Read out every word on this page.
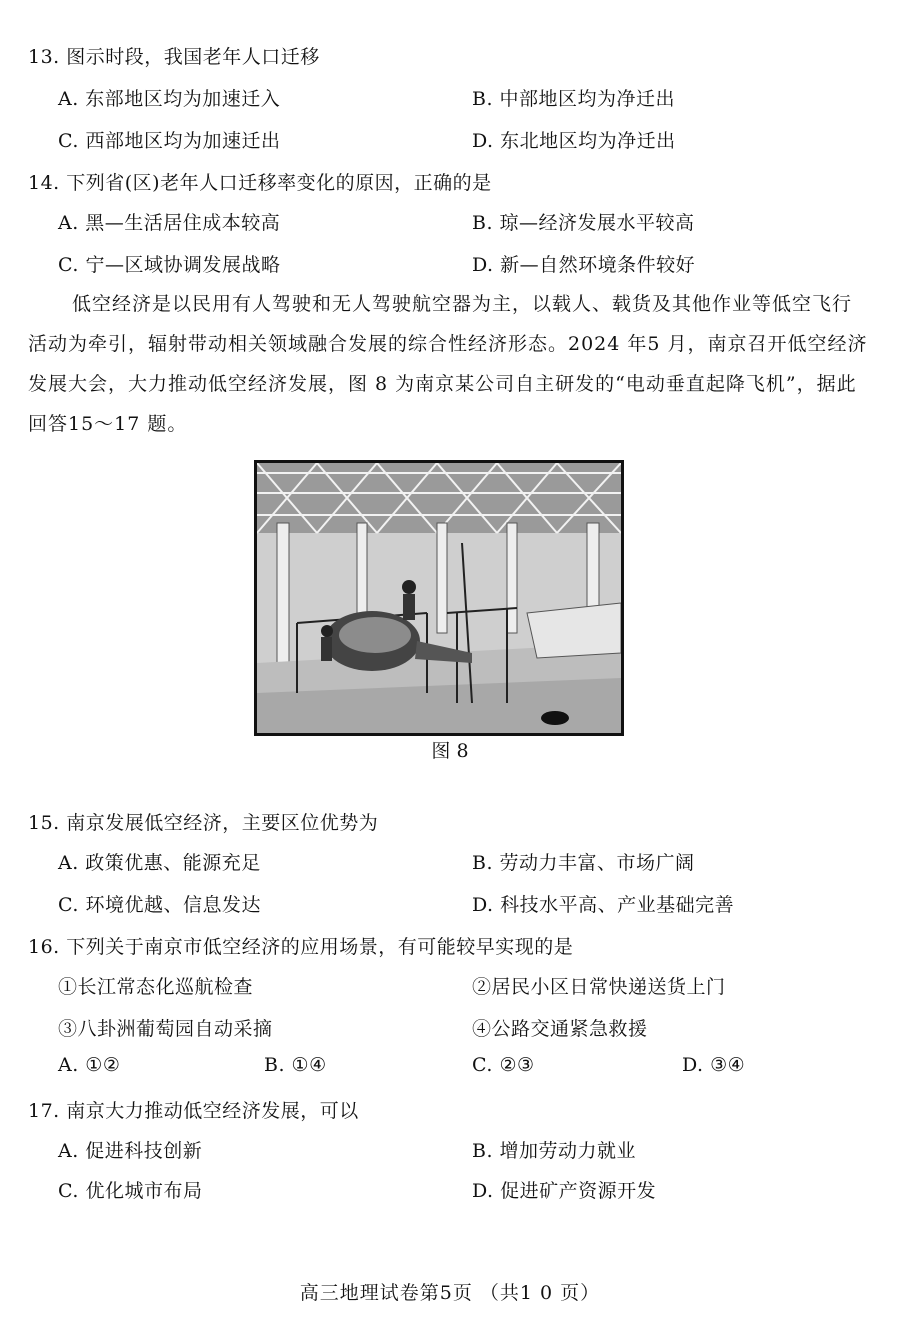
13. 图示时段，我国老年人口迁移
A. 东部地区均为加速迁入	B. 中部地区均为净迁出
C. 西部地区均为加速迁出	D. 东北地区均为净迁出
14. 下列省(区)老年人口迁移率变化的原因，正确的是
A. 黑—生活居住成本较高	B. 琼—经济发展水平较高
C. 宁—区域协调发展战略	D. 新—自然环境条件较好
低空经济是以民用有人驾驶和无人驾驶航空器为主，以载人、载货及其他作业等低空飞行活动为牵引，辐射带动相关领域融合发展的综合性经济形态。2024 年5 月，南京召开低空经济发展大会，大力推动低空经济发展，图 8 为南京某公司自主研发的“电动垂直起降飞机”，据此回答15～17 题。
图 8
15. 南京发展低空经济，主要区位优势为
A. 政策优惠、能源充足	B. 劳动力丰富、市场广阔
C. 环境优越、信息发达	D. 科技水平高、产业基础完善
16. 下列关于南京市低空经济的应用场景，有可能较早实现的是
①长江常态化巡航检查	②居民小区日常快递送货上门
③八卦洲葡萄园自动采摘	④公路交通紧急救援
A. ①②	B. ①④	C. ②③	D. ③④
17. 南京大力推动低空经济发展，可以
A. 促进科技创新	B. 增加劳动力就业
C. 优化城市布局	D. 促进矿产资源开发
高三地理试卷第5页 （共1 0 页）
